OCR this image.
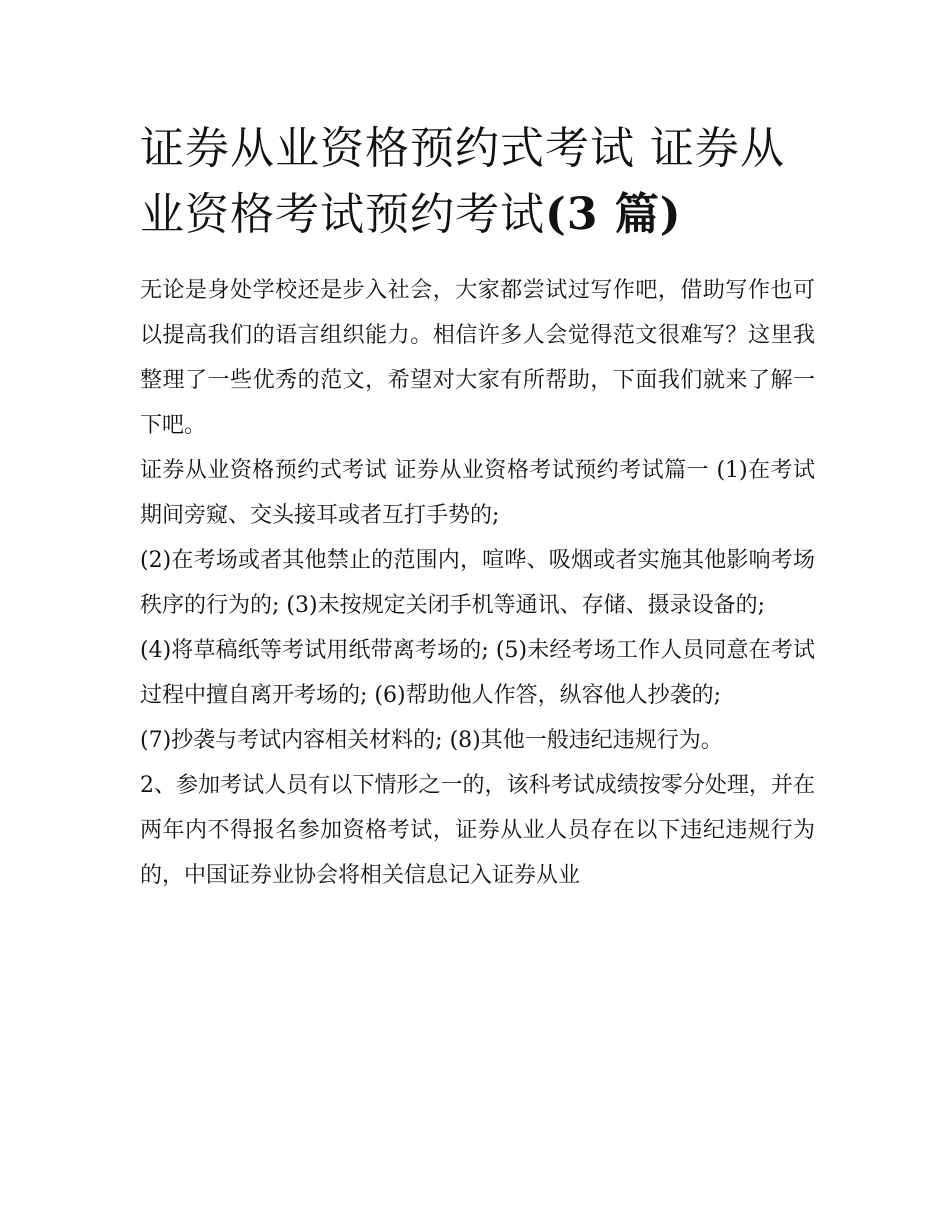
证券从业资格预约式考试 证券从业资格考试预约考试(3 篇)

无论是身处学校还是步入社会，大家都尝试过写作吧，借助写作也可以提高我们的语言组织能力。相信许多人会觉得范文很难写？这里我整理了一些优秀的范文，希望对大家有所帮助，下面我们就来了解一下吧。

证券从业资格预约式考试 证券从业资格考试预约考试篇一 (1)在考试期间旁窥、交头接耳或者互打手势的;

(2)在考场或者其他禁止的范围内，喧哗、吸烟或者实施其他影响考场秩序的行为的; (3)未按规定关闭手机等通讯、存储、摄录设备的;

(4)将草稿纸等考试用纸带离考场的; (5)未经考场工作人员同意在考试过程中擅自离开考场的; (6)帮助他人作答，纵容他人抄袭的;

(7)抄袭与考试内容相关材料的; (8)其他一般违纪违规行为。

2、参加考试人员有以下情形之一的，该科考试成绩按零分处理，并在两年内不得报名参加资格考试，证券从业人员存在以下违纪违规行为的，中国证券业协会将相关信息记入证券从业
